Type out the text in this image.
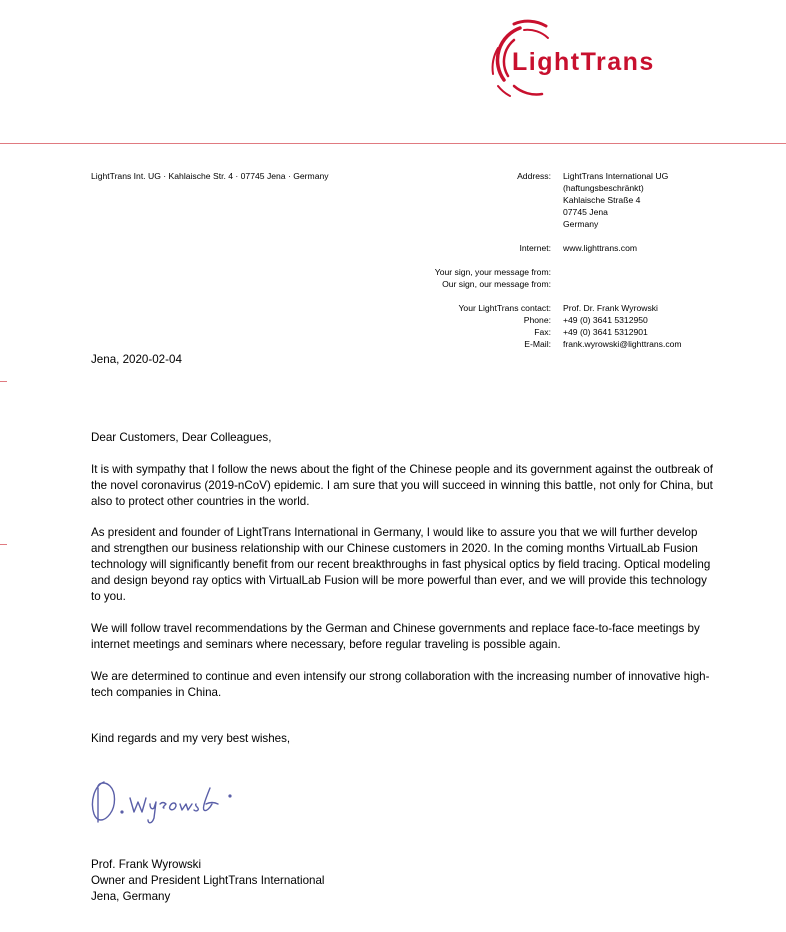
LightTrans
LightTrans Int. UG · Kahlaische Str. 4 · 07745 Jena · Germany	Address: LightTrans International UG
(haftungsbeschränkt)
Kahlaische Straße 4
07745 Jena
Germany
Internet: www.lighttrans.com
Your sign, your message from:
Our sign, our message from:
Your LightTrans contact: Prof. Dr. Frank Wyrowski
Phone: +49 (0) 3641 5312950
Fax: +49 (0) 3641 5312901
E-Mail: frank.wyrowski@lighttrans.com
Jena, 2020-02-04

Dear Customers, Dear Colleagues,

It is with sympathy that I follow the news about the fight of the Chinese people and its government against the outbreak of the novel coronavirus (2019-nCoV) epidemic. I am sure that you will succeed in winning this battle, not only for China, but also to protect other countries in the world.

As president and founder of LightTrans International in Germany, I would like to assure you that we will further develop and strengthen our business relationship with our Chinese customers in 2020. In the coming months VirtualLab Fusion technology will significantly benefit from our recent breakthroughs in fast physical optics by field tracing. Optical modeling and design beyond ray optics with VirtualLab Fusion will be more powerful than ever, and we will provide this technology to you.

We will follow travel recommendations by the German and Chinese governments and replace face-to-face meetings by internet meetings and seminars where necessary, before regular traveling is possible again.

We are determined to continue and even intensify our strong collaboration with the increasing number of innovative high-tech companies in China.

Kind regards and my very best wishes,

Prof. Frank Wyrowski
Owner and President LightTrans International
Jena, Germany
